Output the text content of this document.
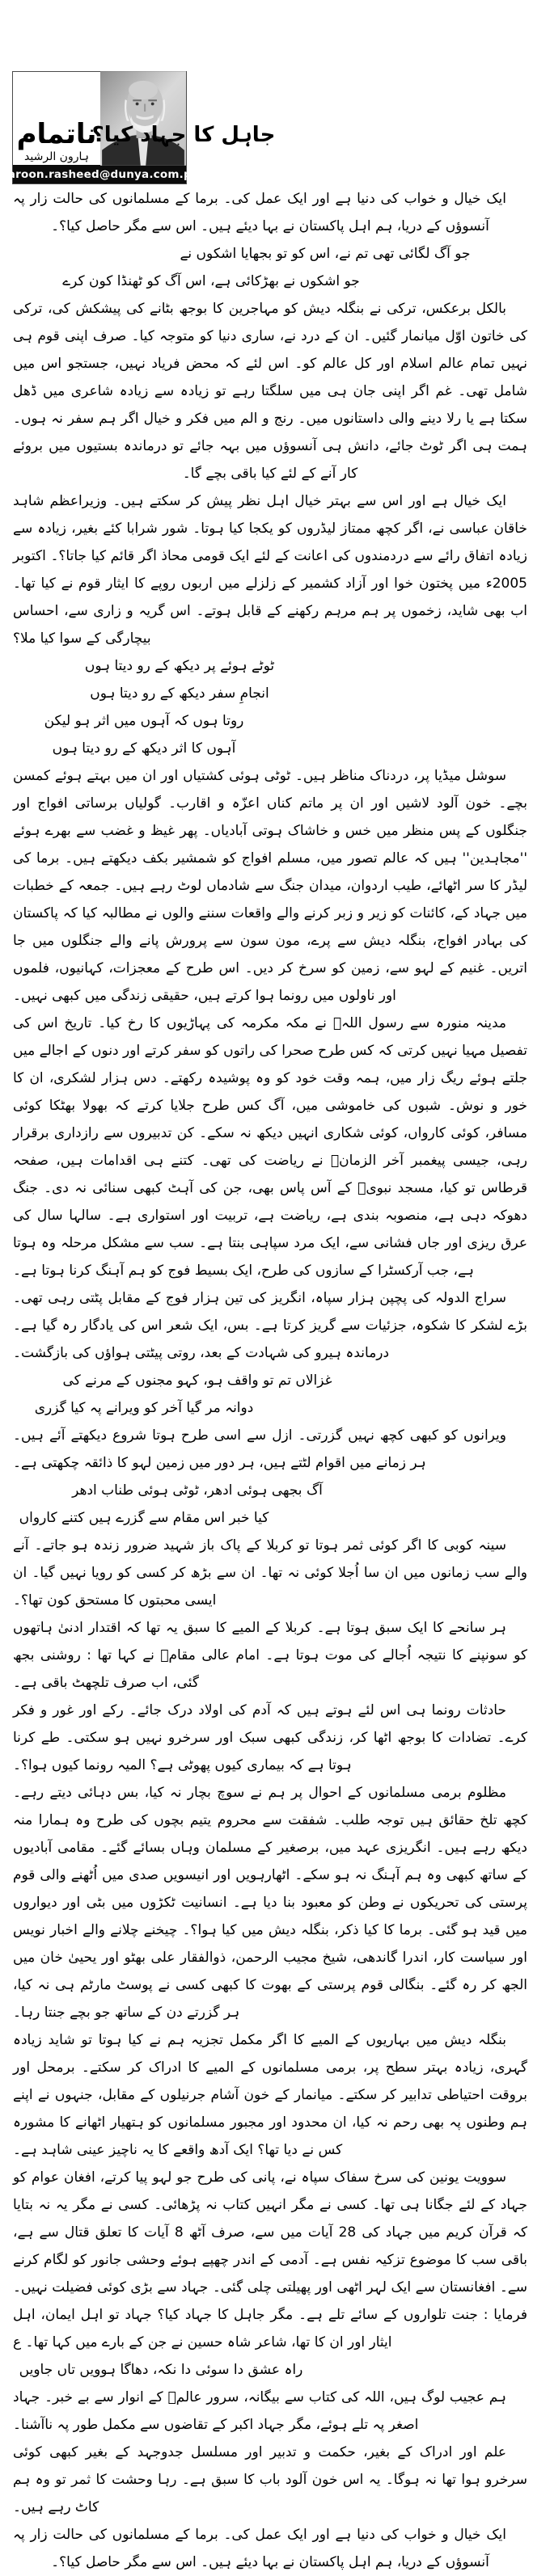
ناتمام
ہارون الرشید
haroon.rasheed@dunya.com.pk
جاہل کا جہاد کیا؟
ایک خیال و خواب کی دنیا ہے اور ایک عمل کی۔ برما کے مسلمانوں کی حالت زار پہ آنسوؤں کے دریا، ہم اہل پاکستان نے بہا دیئے ہیں۔ اس سے مگر حاصل کیا؟۔
جو آگ لگائی تھی تم نے، اس کو تو بجھایا اشکوں نے
جو اشکوں نے بھڑکائی ہے، اس آگ کو ٹھنڈا کون کرے
بالکل برعکس، ترکی نے بنگلہ دیش کو مہاجرین کا بوجھ بٹانے کی پیشکش کی، ترکی کی خاتون اوّل میانمار گئیں۔ ان کے درد نے، ساری دنیا کو متوجہ کیا۔ صرف اپنی قوم ہی نہیں تمام عالم اسلام اور کل عالم کو۔ اس لئے کہ محض فریاد نہیں، جستجو اس میں شامل تھی۔ غم اگر اپنی جان ہی میں سلگتا رہے تو زیادہ سے زیادہ شاعری میں ڈھل سکتا ہے یا رلا دینے والی داستانوں میں۔ رنج و الم میں فکر و خیال اگر ہم سفر نہ ہوں۔ ہمت ہی اگر ٹوٹ جائے، دانش ہی آنسوؤں میں بہہ جائے تو درماندہ بستیوں میں بروئے کار آنے کے لئے کیا باقی بچے گا۔
ایک خیال ہے اور اس سے بہتر خیال اہل نظر پیش کر سکتے ہیں۔ وزیراعظم شاہد خاقان عباسی نے، اگر کچھ ممتاز لیڈروں کو یکجا کیا ہوتا۔ شور شرابا کئے بغیر، زیادہ سے زیادہ اتفاق رائے سے دردمندوں کی اعانت کے لئے ایک قومی محاذ اگر قائم کیا جاتا؟۔ اکتوبر 2005ء میں پختون خوا اور آزاد کشمیر کے زلزلے میں اربوں روپے کا ایثار قوم نے کیا تھا۔ اب بھی شاید، زخموں پر ہم مرہم رکھنے کے قابل ہوتے۔ اس گریہ و زاری سے، احساس بیچارگی کے سوا کیا ملا؟
ٹوٹے ہوئے پر دیکھ کے رو دیتا ہوں
انجامِ سفر دیکھ کے رو دیتا ہوں
روتا ہوں کہ آہوں میں اثر ہو لیکن
آہوں کا اثر دیکھ کے رو دیتا ہوں
سوشل میڈیا پر، دردناک مناظر ہیں۔ ٹوٹی ہوئی کشتیاں اور ان میں بہتے ہوئے کمسن بچے۔ خون آلود لاشیں اور ان پر ماتم کناں اعزّہ و اقارب۔ گولیاں برساتی افواج اور جنگلوں کے پس منظر میں خس و خاشاک ہوتی آبادیاں۔ پھر غیظ و غضب سے بھرے ہوئے ''مجاہدین'' ہیں کہ عالم تصور میں، مسلم افواج کو شمشیر بکف دیکھتے ہیں۔ برما کی لیڈر کا سر اٹھائے، طیب اردوان، میدان جنگ سے شادماں لوٹ رہے ہیں۔ جمعہ کے خطبات میں جہاد کے، کائنات کو زیر و زبر کرنے والے واقعات سننے والوں نے مطالبہ کیا کہ پاکستان کی بہادر افواج، بنگلہ دیش سے پرے، مون سون سے پرورش پانے والے جنگلوں میں جا اتریں۔ غنیم کے لہو سے، زمین کو سرخ کر دیں۔ اس طرح کے معجزات، کہانیوں، فلموں اور ناولوں میں رونما ہوا کرتے ہیں، حقیقی زندگی میں کبھی نہیں۔
مدینہ منورہ سے رسول اللہﷺ نے مکہ مکرمہ کی پہاڑیوں کا رخ کیا۔ تاریخ اس کی تفصیل مہیا نہیں کرتی کہ کس طرح صحرا کی راتوں کو سفر کرتے اور دنوں کے اجالے میں جلتے ہوئے ریگ زار میں، ہمہ وقت خود کو وہ پوشیدہ رکھتے۔ دس ہزار لشکری، ان کا خور و نوش۔ شبوں کی خاموشی میں، آگ کس طرح جلایا کرتے کہ بھولا بھٹکا کوئی مسافر، کوئی کارواں، کوئی شکاری انہیں دیکھ نہ سکے۔ کن تدبیروں سے رازداری برقرار رہی، جیسی پیغمبر آخر الزمانؐ نے ریاضت کی تھی۔ کتنے ہی اقدامات ہیں، صفحہ قرطاس تو کیا، مسجد نبویؐ کے آس پاس بھی، جن کی آہٹ کبھی سنائی نہ دی۔ جنگ دھوکہ دہی ہے، منصوبہ بندی ہے، ریاضت ہے، تربیت اور استواری ہے۔ سالہا سال کی عرق ریزی اور جاں فشانی سے، ایک مرد سپاہی بنتا ہے۔ سب سے مشکل مرحلہ وہ ہوتا ہے، جب آرکسٹرا کے سازوں کی طرح، ایک بسیط فوج کو ہم آہنگ کرنا ہوتا ہے۔
سراج الدولہ کی پچپن ہزار سپاہ، انگریز کی تین ہزار فوج کے مقابل پٹتی رہی تھی۔ بڑے لشکر کا شکوہ، جزئیات سے گریز کرتا ہے۔ بس، ایک شعر اس کی یادگار رہ گیا ہے۔ درماندہ ہیرو کی شہادت کے بعد، روتی پیٹتی ہواؤں کی بازگشت۔
غزالاں تم تو واقف ہو، کہو مجنوں کے مرنے کی
دوانہ مر گیا آخر کو ویرانے پہ کیا گزری
ویرانوں کو کبھی کچھ نہیں گزرتی۔ ازل سے اسی طرح ہوتا شروع دیکھتے آئے ہیں۔ ہر زمانے میں اقوام لٹتے ہیں، ہر دور میں زمین لہو کا ذائقہ چکھتی ہے۔
آگ بجھی ہوئی ادھر، ٹوٹی ہوئی طناب ادھر
کیا خبر اس مقام سے گزرے ہیں کتنے کارواں
سینہ کوبی کا اگر کوئی ثمر ہوتا تو کربلا کے پاک باز شہید ضرور زندہ ہو جاتے۔ آنے والے سب زمانوں میں ان سا اُجلا کوئی نہ تھا۔ ان سے بڑھ کر کسی کو رویا نہیں گیا۔ ان ایسی محبتوں کا مستحق کون تھا؟۔
ہر سانحے کا ایک سبق ہوتا ہے۔ کربلا کے المیے کا سبق یہ تھا کہ اقتدار ادنیٰ ہاتھوں کو سونپنے کا نتیجہ اُجالے کی موت ہوتا ہے۔ امام عالی مقامؑ نے کہا تھا : روشنی بجھ گئی، اب صرف تلچھٹ باقی ہے۔
حادثات رونما ہی اس لئے ہوتے ہیں کہ آدم کی اولاد درک جائے۔ رکے اور غور و فکر کرے۔ تضادات کا بوجھ اٹھا کر، زندگی کبھی سبک اور سرخرو نہیں ہو سکتی۔ طے کرنا ہوتا ہے کہ بیماری کیوں پھوٹی ہے؟ المیہ رونما کیوں ہوا؟۔
مظلوم برمی مسلمانوں کے احوال پر ہم نے سوچ بچار نہ کیا، بس دہائی دیتے رہے۔ کچھ تلخ حقائق ہیں توجہ طلب۔ شفقت سے محروم یتیم بچوں کی طرح وہ ہمارا منہ دیکھ رہے ہیں۔ انگریزی عہد میں، برصغیر کے مسلمان وہاں بسائے گئے۔ مقامی آبادیوں کے ساتھ کبھی وہ ہم آہنگ نہ ہو سکے۔ اٹھارہویں اور انیسویں صدی میں اُٹھنے والی قوم پرستی کی تحریکوں نے وطن کو معبود بنا دیا ہے۔ انسانیت ٹکڑوں میں بٹی اور دیواروں میں قید ہو گئی۔ برما کا کیا ذکر، بنگلہ دیش میں کیا ہوا؟۔ چیخنے چلانے والے اخبار نویس اور سیاست کار، اندرا گاندھی، شیخ مجیب الرحمن، ذوالفقار علی بھٹو اور یحییٰ خان میں الجھ کر رہ گئے۔ بنگالی قوم پرستی کے بھوت کا کبھی کسی نے پوسٹ مارٹم ہی نہ کیا، ہر گزرتے دن کے ساتھ جو بچے جنتا رہا۔
بنگلہ دیش میں بہاریوں کے المیے کا اگر مکمل تجزیہ ہم نے کیا ہوتا تو شاید زیادہ گہری، زیادہ بہتر سطح پر، برمی مسلمانوں کے المیے کا ادراک کر سکتے۔ برمحل اور بروقت احتیاطی تدابیر کر سکتے۔ میانمار کے خون آشام جرنیلوں کے مقابل، جنہوں نے اپنے ہم وطنوں پہ بھی رحم نہ کیا، ان محدود اور مجبور مسلمانوں کو ہتھیار اٹھانے کا مشورہ کس نے دیا تھا؟ ایک آدھ واقعے کا یہ ناچیز عینی شاہد ہے۔
سوویت یونین کی سرخ سفاک سپاہ نے، پانی کی طرح جو لہو پیا کرتے، افغان عوام کو جہاد کے لئے جگانا ہی تھا۔ کسی نے مگر انہیں کتاب نہ پڑھائی۔ کسی نے مگر یہ نہ بتایا کہ قرآن کریم میں جہاد کی 28 آیات میں سے، صرف آٹھ 8 آیات کا تعلق قتال سے ہے، باقی سب کا موضوع تزکیہ نفس ہے۔ آدمی کے اندر چھپے ہوئے وحشی جانور کو لگام کرنے سے۔ افغانستان سے ایک لہر اٹھی اور پھیلتی چلی گئی۔ جہاد سے بڑی کوئی فضیلت نہیں۔ فرمایا : جنت تلواروں کے سائے تلے ہے۔ مگر جاہل کا جہاد کیا؟ جہاد تو اہل ایمان، اہل ایثار اور ان کا تھا، شاعر شاہ حسین نے جن کے بارے میں کہا تھا۔ ع
راہ عشق دا سوئی دا نکہ، دھاگا ہوویں تاں جاویں
ہم عجیب لوگ ہیں، اللہ کی کتاب سے بیگانہ، سرور عالمؐ کے انوار سے بے خبر۔ جہاد اصغر پہ تلے ہوئے، مگر جہاد اکبر کے تقاضوں سے مکمل طور پہ ناآشنا۔
علم اور ادراک کے بغیر، حکمت و تدبیر اور مسلسل جدوجہد کے بغیر کبھی کوئی سرخرو ہوا تھا نہ ہوگا۔ یہ اس خون آلود باب کا سبق ہے۔ رہا وحشت کا ثمر تو وہ ہم کاٹ رہے ہیں۔
ایک خیال و خواب کی دنیا ہے اور ایک عمل کی۔ برما کے مسلمانوں کی حالت زار پہ آنسوؤں کے دریا، ہم اہل پاکستان نے بہا دیئے ہیں۔ اس سے مگر حاصل کیا؟۔
